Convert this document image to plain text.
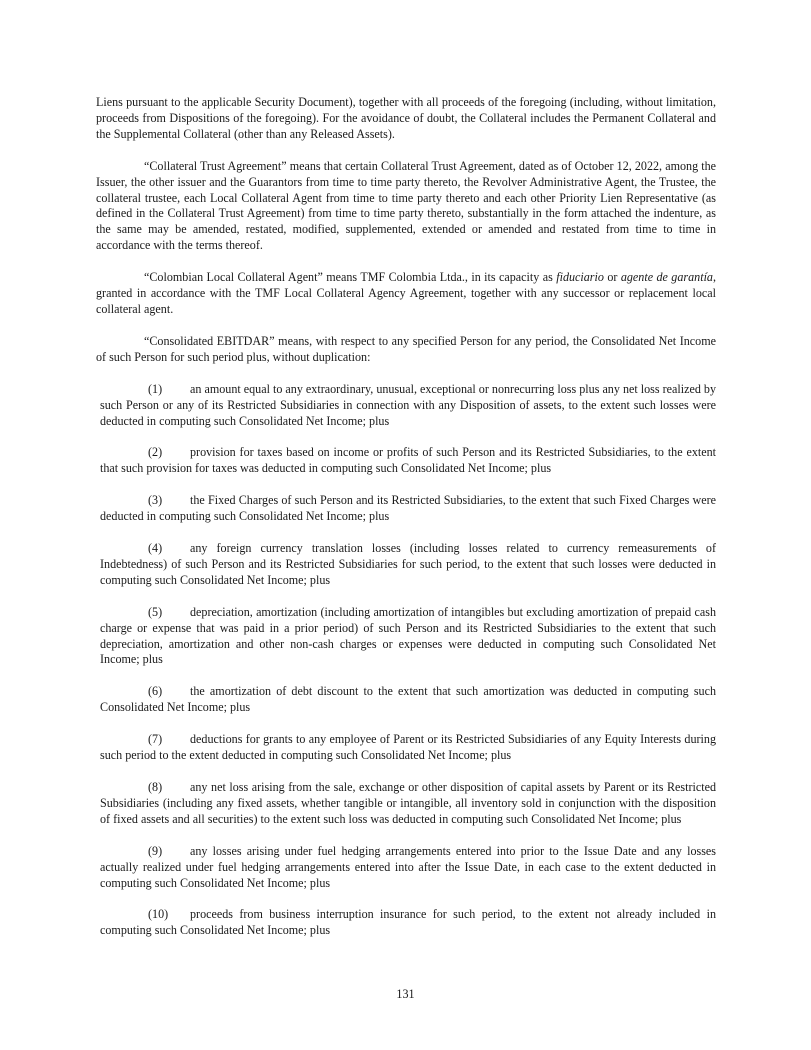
Liens pursuant to the applicable Security Document), together with all proceeds of the foregoing (including, without limitation, proceeds from Dispositions of the foregoing). For the avoidance of doubt, the Collateral includes the Permanent Collateral and the Supplemental Collateral (other than any Released Assets).

“Collateral Trust Agreement” means that certain Collateral Trust Agreement, dated as of October 12, 2022, among the Issuer, the other issuer and the Guarantors from time to time party thereto, the Revolver Administrative Agent, the Trustee, the collateral trustee, each Local Collateral Agent from time to time party thereto and each other Priority Lien Representative (as defined in the Collateral Trust Agreement) from time to time party thereto, substantially in the form attached the indenture, as the same may be amended, restated, modified, supplemented, extended or amended and restated from time to time in accordance with the terms thereof.

“Colombian Local Collateral Agent” means TMF Colombia Ltda., in its capacity as fiduciario or agente de garantía, granted in accordance with the TMF Local Collateral Agency Agreement, together with any successor or replacement local collateral agent.

“Consolidated EBITDAR” means, with respect to any specified Person for any period, the Consolidated Net Income of such Person for such period plus, without duplication:

(1) an amount equal to any extraordinary, unusual, exceptional or nonrecurring loss plus any net loss realized by such Person or any of its Restricted Subsidiaries in connection with any Disposition of assets, to the extent such losses were deducted in computing such Consolidated Net Income; plus

(2) provision for taxes based on income or profits of such Person and its Restricted Subsidiaries, to the extent that such provision for taxes was deducted in computing such Consolidated Net Income; plus

(3) the Fixed Charges of such Person and its Restricted Subsidiaries, to the extent that such Fixed Charges were deducted in computing such Consolidated Net Income; plus

(4) any foreign currency translation losses (including losses related to currency remeasurements of Indebtedness) of such Person and its Restricted Subsidiaries for such period, to the extent that such losses were deducted in computing such Consolidated Net Income; plus

(5) depreciation, amortization (including amortization of intangibles but excluding amortization of prepaid cash charge or expense that was paid in a prior period) of such Person and its Restricted Subsidiaries to the extent that such depreciation, amortization and other non-cash charges or expenses were deducted in computing such Consolidated Net Income; plus

(6) the amortization of debt discount to the extent that such amortization was deducted in computing such Consolidated Net Income; plus

(7) deductions for grants to any employee of Parent or its Restricted Subsidiaries of any Equity Interests during such period to the extent deducted in computing such Consolidated Net Income; plus

(8) any net loss arising from the sale, exchange or other disposition of capital assets by Parent or its Restricted Subsidiaries (including any fixed assets, whether tangible or intangible, all inventory sold in conjunction with the disposition of fixed assets and all securities) to the extent such loss was deducted in computing such Consolidated Net Income; plus

(9) any losses arising under fuel hedging arrangements entered into prior to the Issue Date and any losses actually realized under fuel hedging arrangements entered into after the Issue Date, in each case to the extent deducted in computing such Consolidated Net Income; plus

(10) proceeds from business interruption insurance for such period, to the extent not already included in computing such Consolidated Net Income; plus

131
